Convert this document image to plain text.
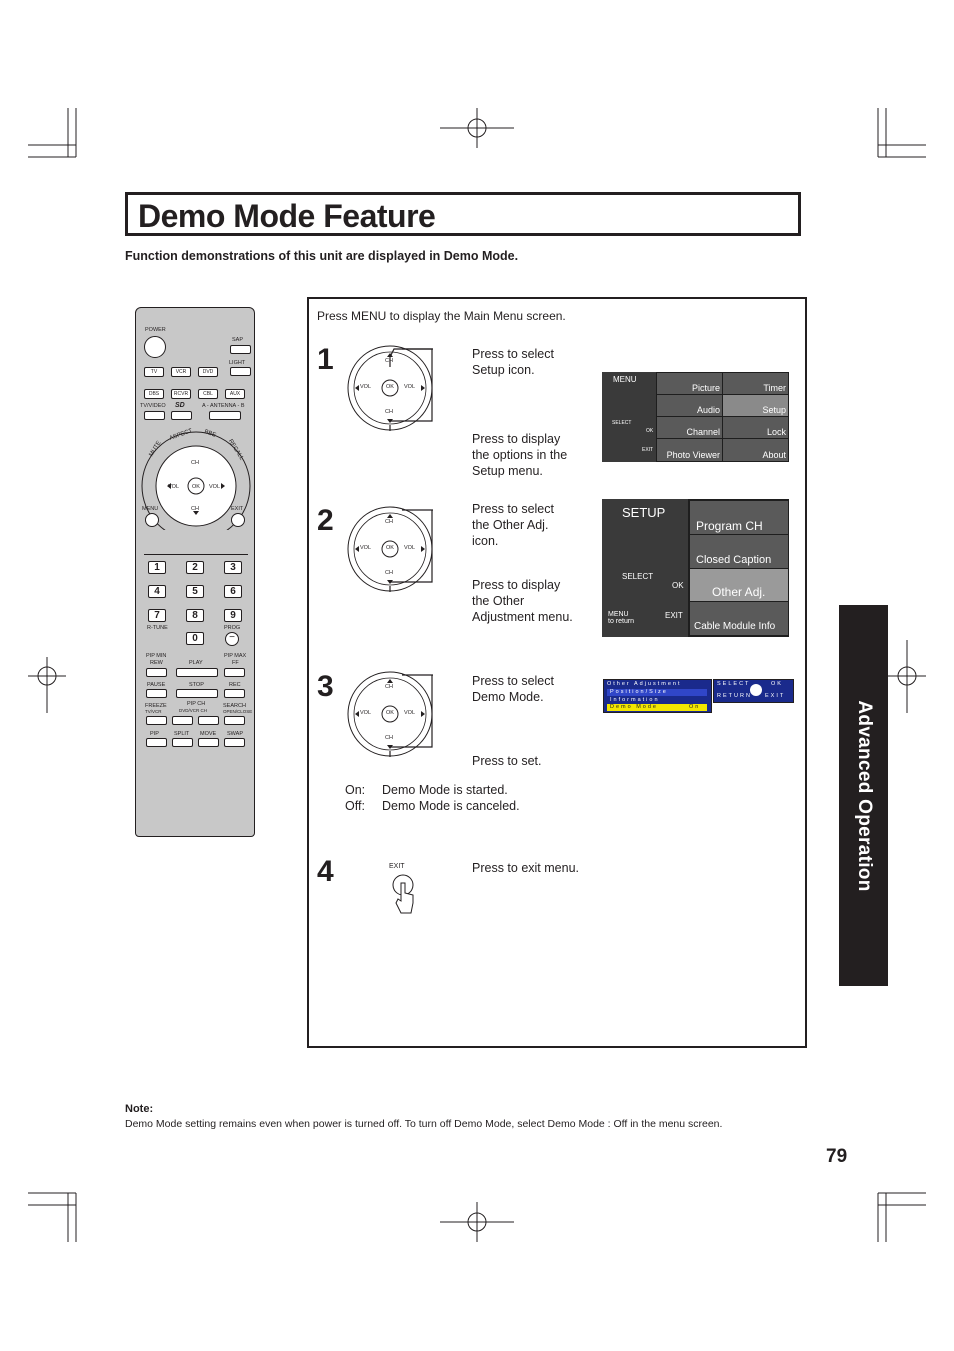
Demo Mode Feature
Function demonstrations of this unit are displayed in Demo Mode.
Advanced Operation
POWER
SAP
LIGHT
TV	VCR	DVD
DBS	RCVR	CBL	AUX
TV/VIDEO SD	A - ANTENNA - B
MUTE
ASPECT BBE
RECALL
CH
VOL OK VOL
CH
MENU	EXIT
1	2	3
4	5	6
7	8	9
R-TUNE	PROG
0	−
PIP MIN	PIP MAX
REW	PLAY	FF
PAUSE	STOP	REC
FREEZE
TV/VCR
PIP CH
DVD/VCR CH
SEARCH
OPEN/CLOSE
PIP	SPLIT MOVE SWAP
Press MENU to display the Main Menu screen.
1	CH
VOL	OK VOL
CH
Press to select
Setup icon.
Press to display
the options in the
Setup menu.
MENU
SELECT
OK
EXIT
Picture	Timer
Audio	Setup
Channel	Lock
Photo Viewer	About
2	CH
VOL	OK VOL
CH
Press to select
the Other Adj.
icon.
Press to display
the Other
Adjustment menu.
SETUP
SELECT
OK
MENU
to return
EXIT
Program CH
Closed Caption
Other Adj.
Cable Module Info
3	CH
VOL	OK VOL
CH
Press to select
Demo Mode.
Press to set.
Other Adjustment
Position/Size
Information
Demo Mode	On
SELECT	OK
RETURN EXIT
On: Demo Mode is started.
Off: Demo Mode is canceled.
4	EXIT	Press to exit menu.
Note:
Demo Mode setting remains even when power is turned off. To turn off Demo Mode, select Demo Mode : Off in the menu screen.
79
